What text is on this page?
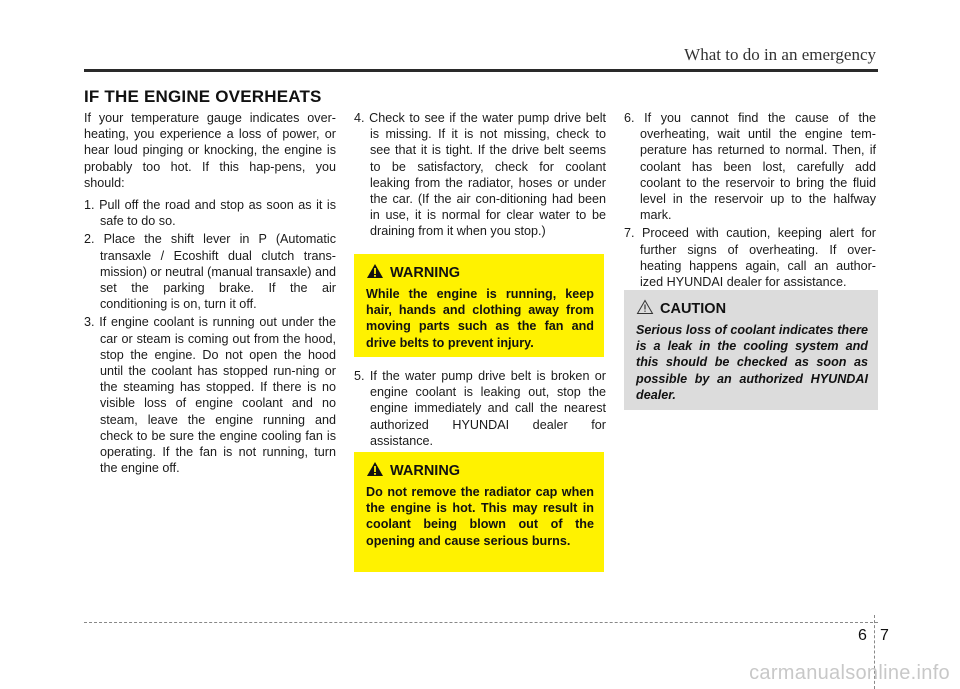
What to do in an emergency
IF THE ENGINE OVERHEATS

If your temperature gauge indicates over-heating, you experience a loss of power, or hear loud pinging or knocking, the engine is probably too hot. If this hap-pens, you should:

1. Pull off the road and stop as soon as it is safe to do so.
2. Place the shift lever in P (Automatic transaxle / Ecoshift dual clutch trans-mission) or neutral (manual transaxle) and set the parking brake. If the air conditioning is on, turn it off.
3. If engine coolant is running out under the car or steam is coming out from the hood, stop the engine. Do not open the hood until the coolant has stopped run-ning or the steaming has stopped. If there is no visible loss of engine coolant and no steam, leave the engine running and check to be sure the engine cooling fan is operating. If the fan is not running, turn the engine off.
4. Check to see if the water pump drive belt is missing. If it is not missing, check to see that it is tight. If the drive belt seems to be satisfactory, check for coolant leaking from the radiator, hoses or under the car. (If the air con-ditioning had been in use, it is normal for clear water to be draining from it when you stop.)
WARNING
While the engine is running, keep hair, hands and clothing away from moving parts such as the fan and drive belts to prevent injury.
5. If the water pump drive belt is broken or engine coolant is leaking out, stop the engine immediately and call the nearest authorized HYUNDAI dealer for assistance.
WARNING
Do not remove the radiator cap when the engine is hot. This may result in coolant being blown out of the opening and cause serious burns.
6. If you cannot find the cause of the overheating, wait until the engine tem-perature has returned to normal. Then, if coolant has been lost, carefully add coolant to the reservoir to bring the fluid level in the reservoir up to the halfway mark.
7. Proceed with caution, keeping alert for further signs of overheating. If over-heating happens again, call an author-ized HYUNDAI dealer for assistance.
CAUTION
Serious loss of coolant indicates there is a leak in the cooling system and this should be checked as soon as possible by an authorized HYUNDAI dealer.
6 7
carmanualsonline.info
